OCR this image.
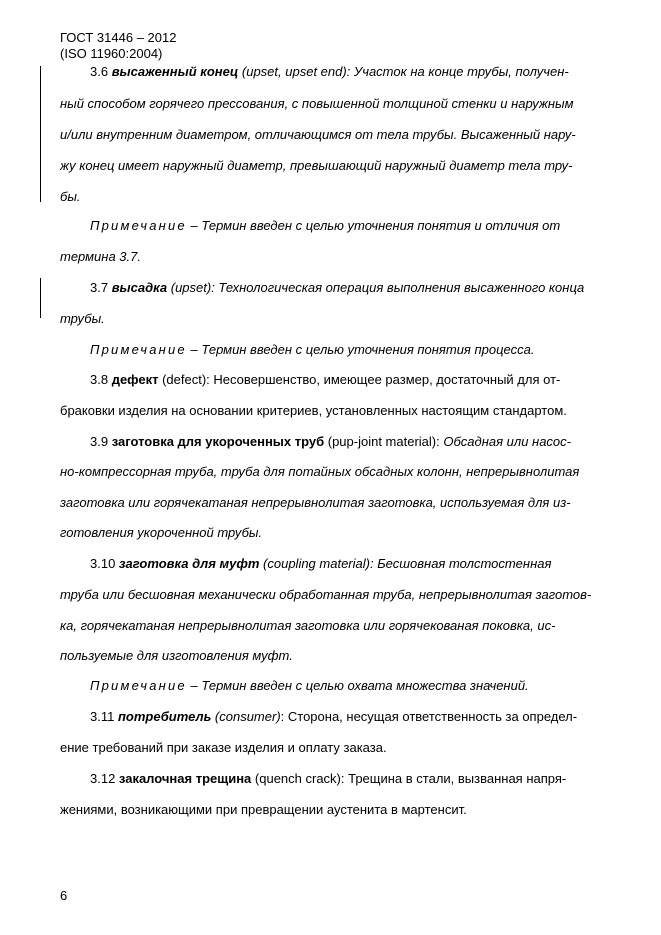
ГОСТ 31446 – 2012
(ISO 11960:2004)
3.6 высаженный конец (upset, upset end): Участок на конце трубы, получен-
ный способом горячего прессования, с повышенной толщиной стенки и наружным
и/или внутренним диаметром, отличающимся от тела трубы. Высаженный нару-
жу конец имеет наружный диаметр, превышающий наружный диаметр тела тру-
бы.
Примечание – Термин введен с целью уточнения понятия и отличия от
термина 3.7.
3.7 высадка (upset): Технологическая операция выполнения высаженного конца
трубы.
Примечание – Термин введен с целью уточнения понятия процесса.
3.8 дефект (defect): Несовершенство, имеющее размер, достаточный для от-
браковки изделия на основании критериев, установленных настоящим стандартом.
3.9 заготовка для укороченных труб (pup-joint material): Обсадная или насос-
но-компрессорная труба, труба для потайных обсадных колонн, непрерывнолитая
заготовка или горячекатаная непрерывнолитая заготовка, используемая для из-
готовления укороченной трубы.
3.10 заготовка для муфт (coupling material): Бесшовная толстостенная
труба или бесшовная механически обработанная труба, непрерывнолитая заготов-
ка, горячекатаная непрерывнолитая заготовка или горячекованая поковка, ис-
пользуемые для изготовления муфт.
Примечание – Термин введен с целью охвата множества значений.
3.11 потребитель (consumer): Сторона, несущая ответственность за определ-
ение требований при заказе изделия и оплату заказа.
3.12 закалочная трещина (quench crack): Трещина в стали, вызванная напря-
жениями, возникающими при превращении аустенита в мартенсит.
6
